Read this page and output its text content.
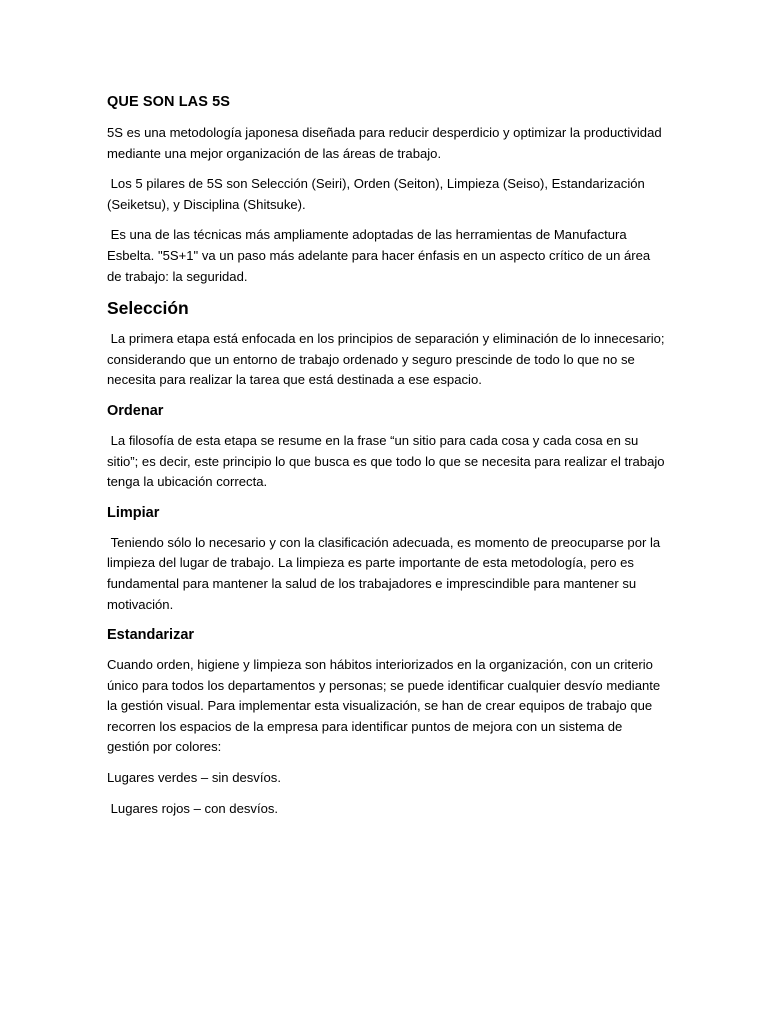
QUE SON LAS 5S

5S es una metodología japonesa diseñada para reducir desperdicio y optimizar la productividad mediante una mejor organización de las áreas de trabajo.

Los 5 pilares de 5S son Selección (Seiri), Orden (Seiton), Limpieza (Seiso), Estandarización (Seiketsu), y Disciplina (Shitsuke).

Es una de las técnicas más ampliamente adoptadas de las herramientas de Manufactura Esbelta. "5S+1" va un paso más adelante para hacer énfasis en un aspecto crítico de un área de trabajo: la seguridad.

Selección

La primera etapa está enfocada en los principios de separación y eliminación de lo innecesario; considerando que un entorno de trabajo ordenado y seguro prescinde de todo lo que no se necesita para realizar la tarea que está destinada a ese espacio.

Ordenar

La filosofía de esta etapa se resume en la frase “un sitio para cada cosa y cada cosa en su sitio”; es decir, este principio lo que busca es que todo lo que se necesita para realizar el trabajo tenga la ubicación correcta.

Limpiar

Teniendo sólo lo necesario y con la clasificación adecuada, es momento de preocuparse por la limpieza del lugar de trabajo. La limpieza es parte importante de esta metodología, pero es fundamental para mantener la salud de los trabajadores e imprescindible para mantener su motivación.

Estandarizar

Cuando orden, higiene y limpieza son hábitos interiorizados en la organización, con un criterio único para todos los departamentos y personas; se puede identificar cualquier desvío mediante la gestión visual. Para implementar esta visualización, se han de crear equipos de trabajo que recorren los espacios de la empresa para identificar puntos de mejora con un sistema de gestión por colores:

Lugares verdes – sin desvíos.

Lugares rojos – con desvíos.
